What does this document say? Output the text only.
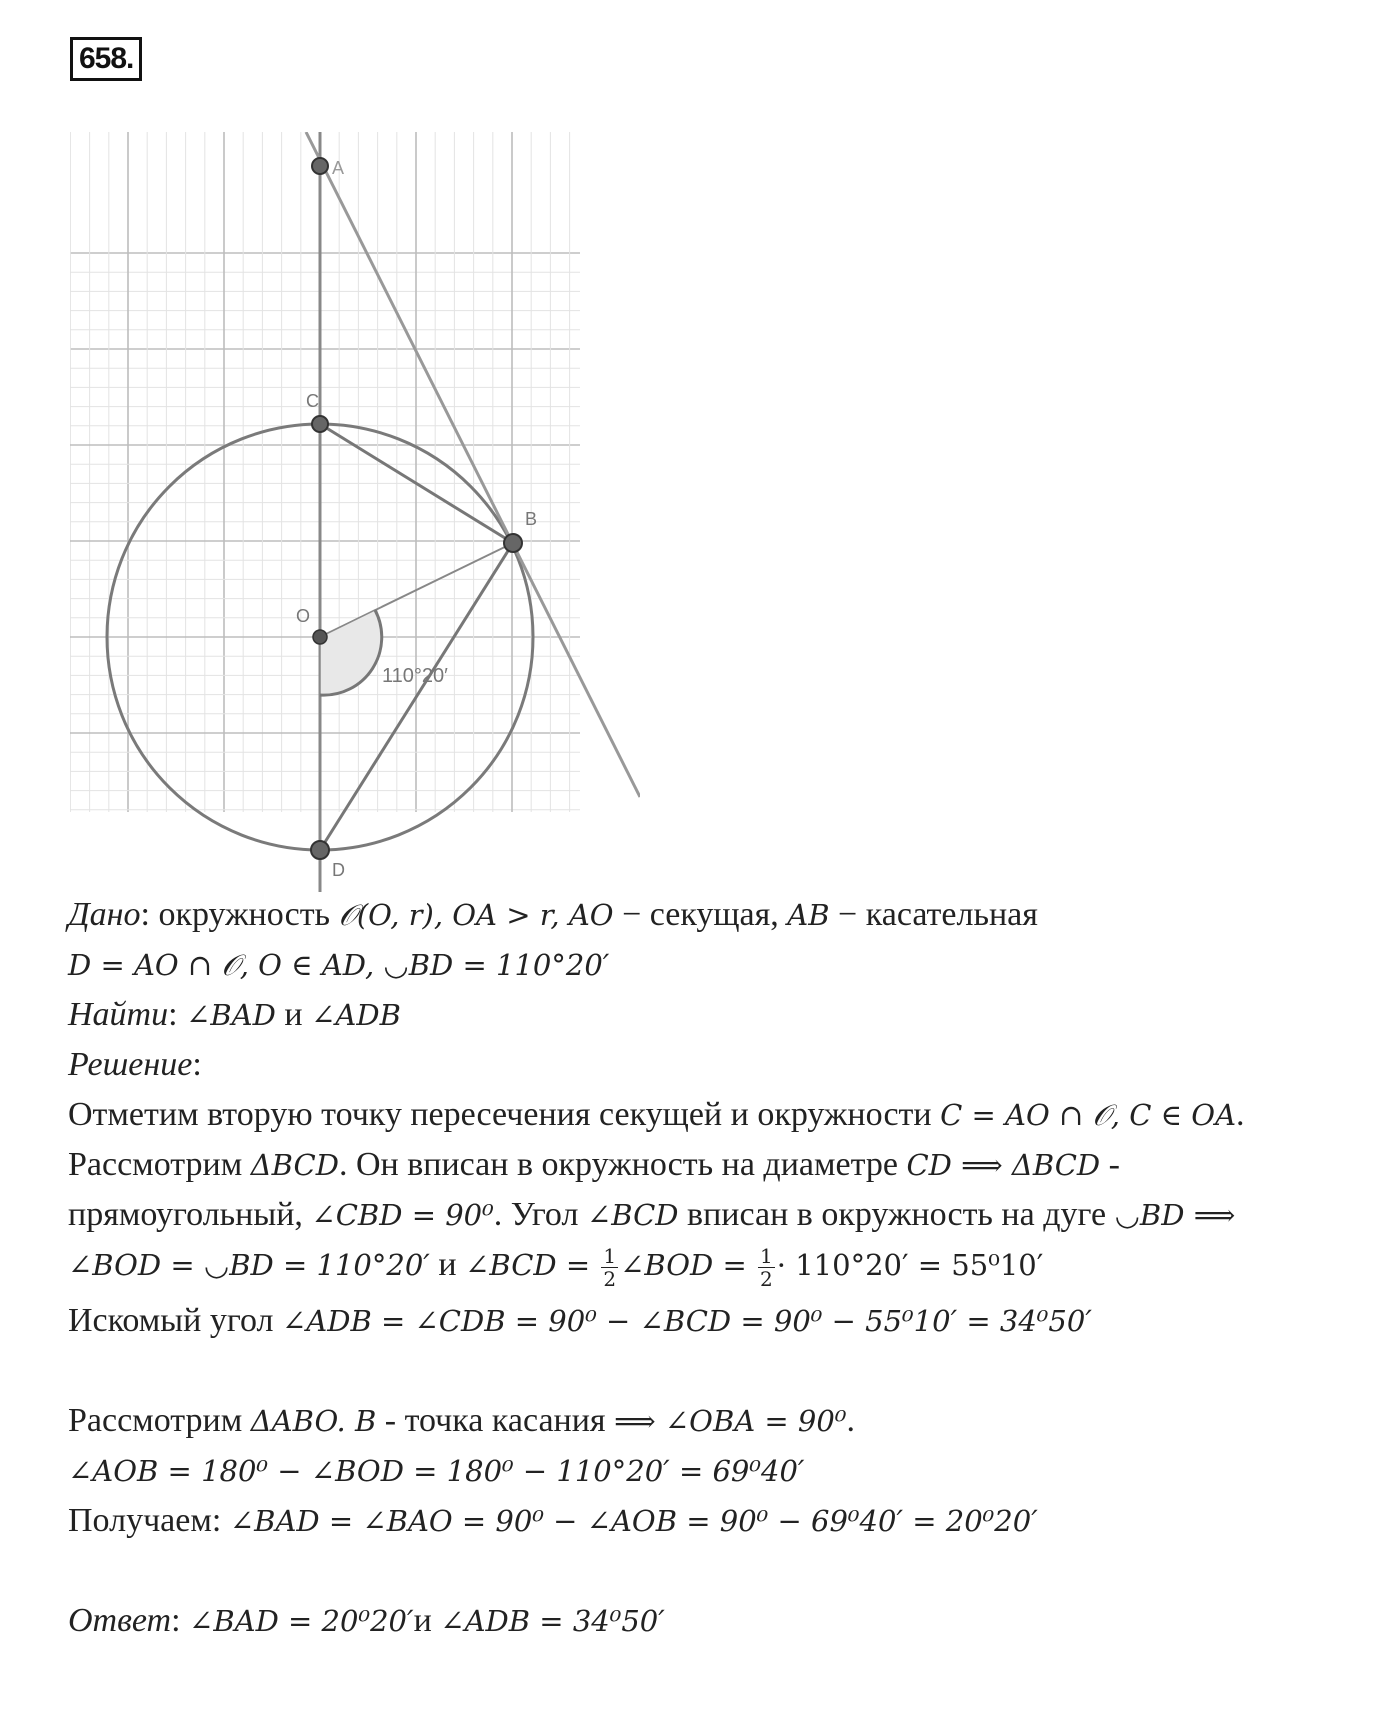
658.
A
C
B
O
D
110°20′
Дано: окружность 𝒪(O, r), OA > r, AO − секущая, AB − касательная
D = AO ∩ 𝒪, O ∈ AD, ◡BD = 110°20′
Найти: ∠BAD и ∠ADB
Решение:
Отметим вторую точку пересечения секущей и окружности C = AO ∩ 𝒪, C ∈ OA.
Рассмотрим ΔBCD. Он вписан в окружность на диаметре CD ⟹ ΔBCD -
прямоугольный, ∠CBD = 90⁰. Угол ∠BCD вписан в окружность на дуге ◡BD ⟹
∠BOD = ◡BD = 110°20′ и ∠BCD = $\frac{1}{2}$ ∠BOD = $\frac{1}{2} \cdot 110^\circ 20' = 55^010'$
Искомый угол ∠ADB = ∠CDB = 90⁰ − ∠BCD = 90⁰ − 55⁰10′ = 34⁰50′
Рассмотрим ΔABO. B - точка касания ⟹ ∠OBA = 90⁰.
∠AOB = 180⁰ − ∠BOD = 180⁰ − 110°20′ = 69⁰40′
Получаем: ∠BAD = ∠BAO = 90⁰ − ∠AOB = 90⁰ − 69⁰40′ = 20⁰20′
Ответ: ∠BAD = 20⁰20′и ∠ADB = 34⁰50′
